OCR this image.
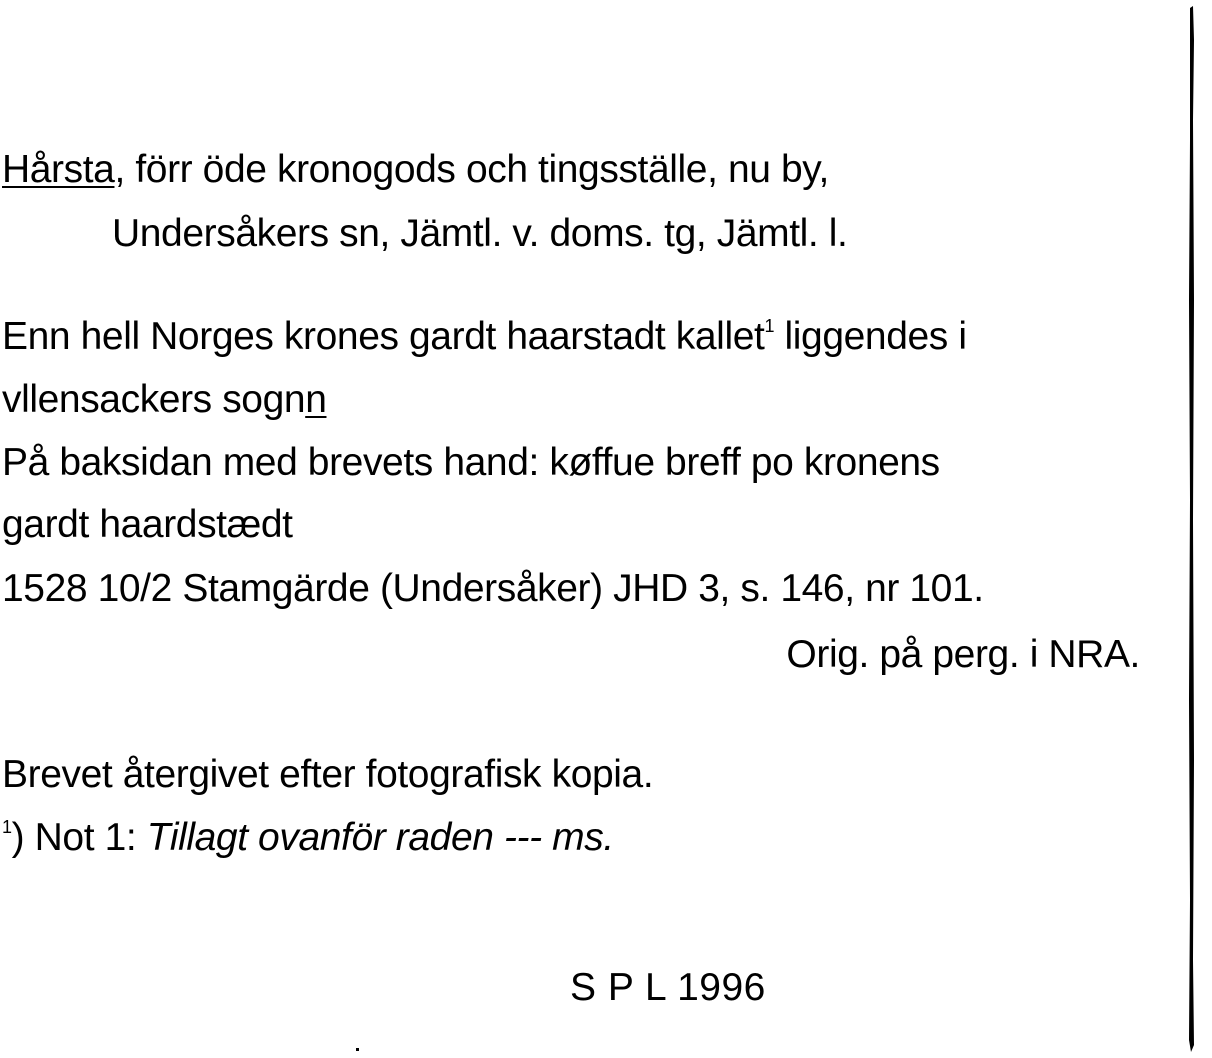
Hårsta, förr öde kronogods och tingsställe, nu by,
Undersåkers sn, Jämtl. v. doms. tg, Jämtl. l.
Enn hell Norges krones gardt haarstadt kallet$^1$ liggendes i
vllensackers sognn
På baksidan med brevets hand: køffue breff po kronens
gardt haardstædt
1528 10/2 Stamgärde (Undersåker) JHD 3, s. 146, nr 101.
Orig. på perg. i NRA.
Brevet återgivet efter fotografisk kopia.
$^1$) Not 1: Tillagt ovanför raden --- ms.
S P L 1996
